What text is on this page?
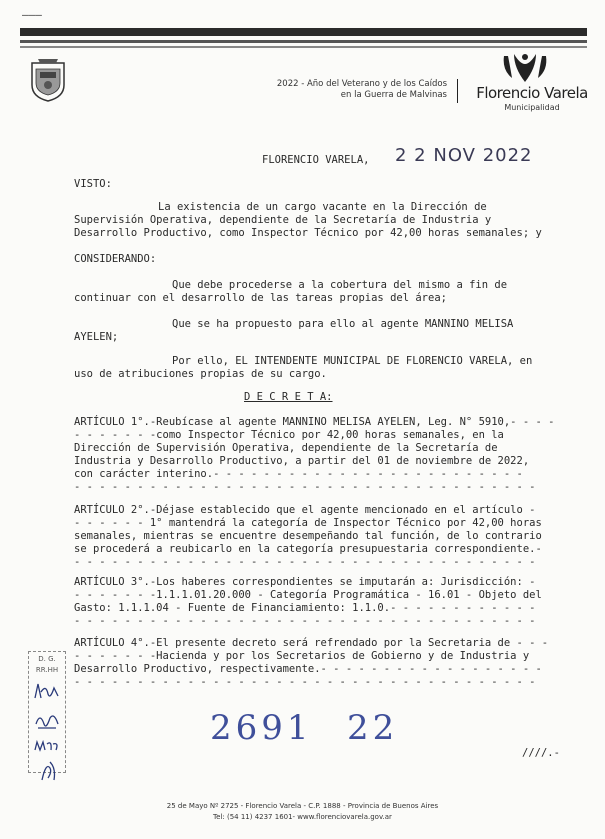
———
2022 - Año del Veterano y de los Caídos
en la Guerra de Malvinas Florencio Varela
Municipalidad
FLORENCIO VARELA, 2 2 NOV 2022
VISTO:
La existencia de un cargo vacante en la Dirección de
Supervisión Operativa, dependiente de la Secretaría de Industria y
Desarrollo Productivo, como Inspector Técnico por 42,00 horas semanales; y
CONSIDERANDO:
Que debe procederse a la cobertura del mismo a fin de
continuar con el desarrollo de las tareas propias del área;
Que se ha propuesto para ello al agente MANNINO MELISA
AYELEN;
Por ello, EL INTENDENTE MUNICIPAL DE FLORENCIO VARELA, en
uso de atribuciones propias de su cargo.
D E C R E T A:
ARTÍCULO 1°.-Reubícase al agente MANNINO MELISA AYELEN, Leg. N° 5910,- - - -
- - - - - - -como Inspector Técnico por 42,00 horas semanales, en la
Dirección de Supervisión Operativa, dependiente de la Secretaría de
Industria y Desarrollo Productivo, a partir del 01 de noviembre de 2022,
con carácter interino.- - - - - - - - - - - - - - - - - - - - - - - - -
- - - - - - - - - - - - - - - - - - - - - - - - - - - - - - - - - - - - -
ARTÍCULO 2°.-Déjase establecido que el agente mencionado en el artículo -
- - - - - - 1° mantendrá la categoría de Inspector Técnico por 42,00 horas
semanales, mientras se encuentre desempeñando tal función, de lo contrario
se procederá a reubicarlo en la categoría presupuestaria correspondiente.-
- - - - - - - - - - - - - - - - - - - - - - - - - - - - - - - - - - - - -
ARTÍCULO 3°.-Los haberes correspondientes se imputarán a: Jurisdicción: -
- - - - - - -1.1.1.01.20.000 - Categoría Programática - 16.01 - Objeto del
Gasto: 1.1.1.04 - Fuente de Financiamiento: 1.1.0.- - - - - - - - - - - -
- - - - - - - - - - - - - - - - - - - - - - - - - - - - - - - - - - - - -
ARTÍCULO 4°.-El presente decreto será refrendado por la Secretaria de - - -
- - - - - - -Hacienda y por los Secretarios de Gobierno y de Industria y
Desarrollo Productivo, respectivamente.- - - - - - - - - - - - - - - - - -
- - - - - - - - - - - - - - - - - - - - - - - - - - - - - - - - - - - - -
D. G.
RR.HH
2691 22
////.-
25 de Mayo Nº 2725 - Florencio Varela - C.P. 1888 - Provincia de Buenos Aires
Tel: (54 11) 4237 1601- www.florenciovarela.gov.ar
